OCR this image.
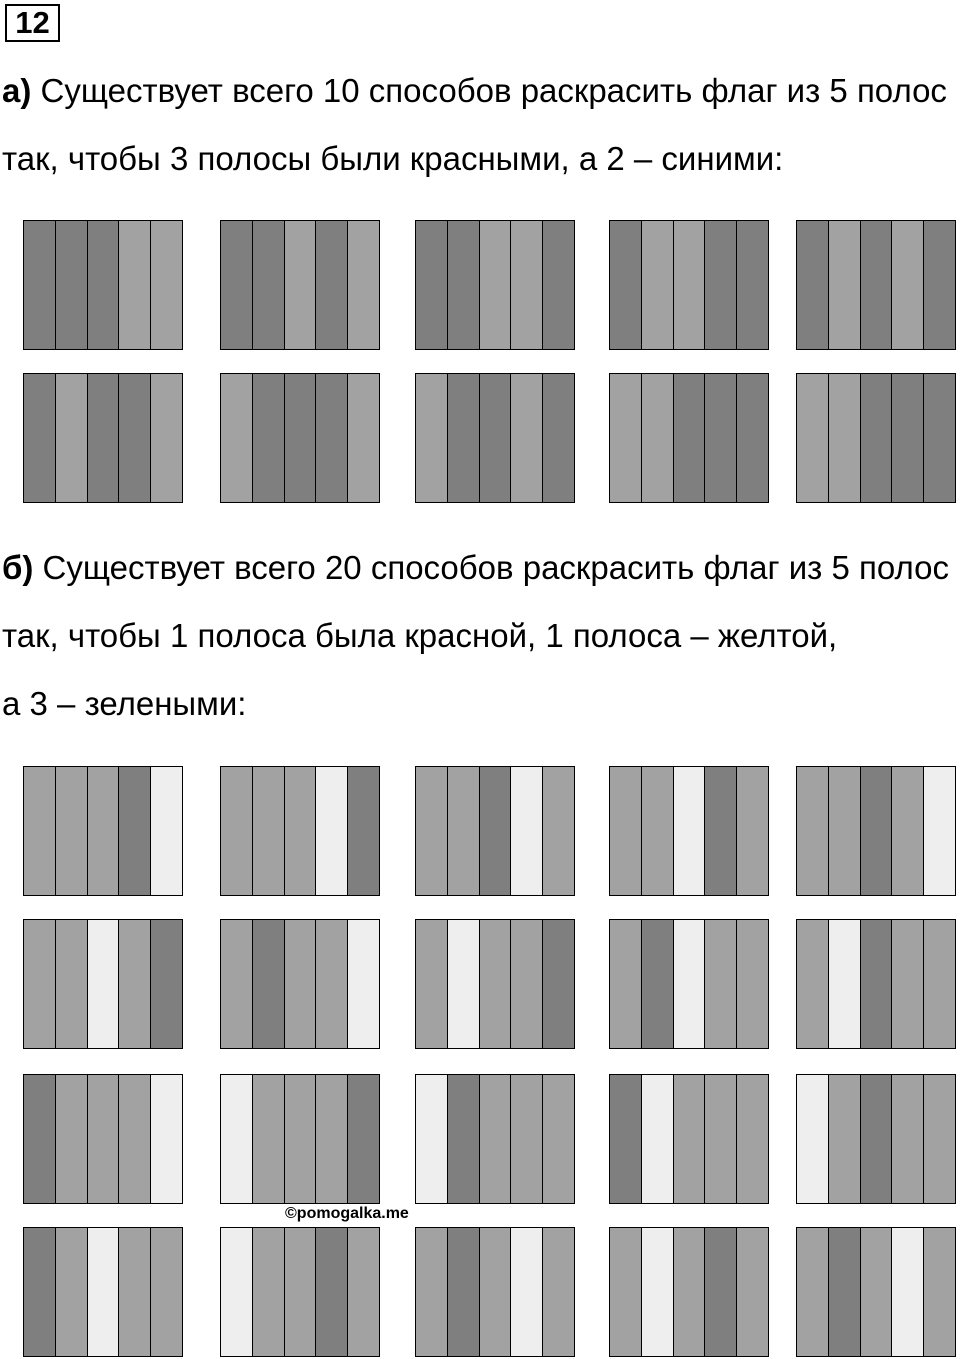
12
а) Существует всего 10 способов раскрасить флаг из 5 полос
так, чтобы 3 полосы были красными, а 2 – синими:
б) Существует всего 20 способов раскрасить флаг из 5 полос
так, чтобы 1 полоса была красной, 1 полоса – желтой,
а 3 – зелеными:
©pomogalka.me
